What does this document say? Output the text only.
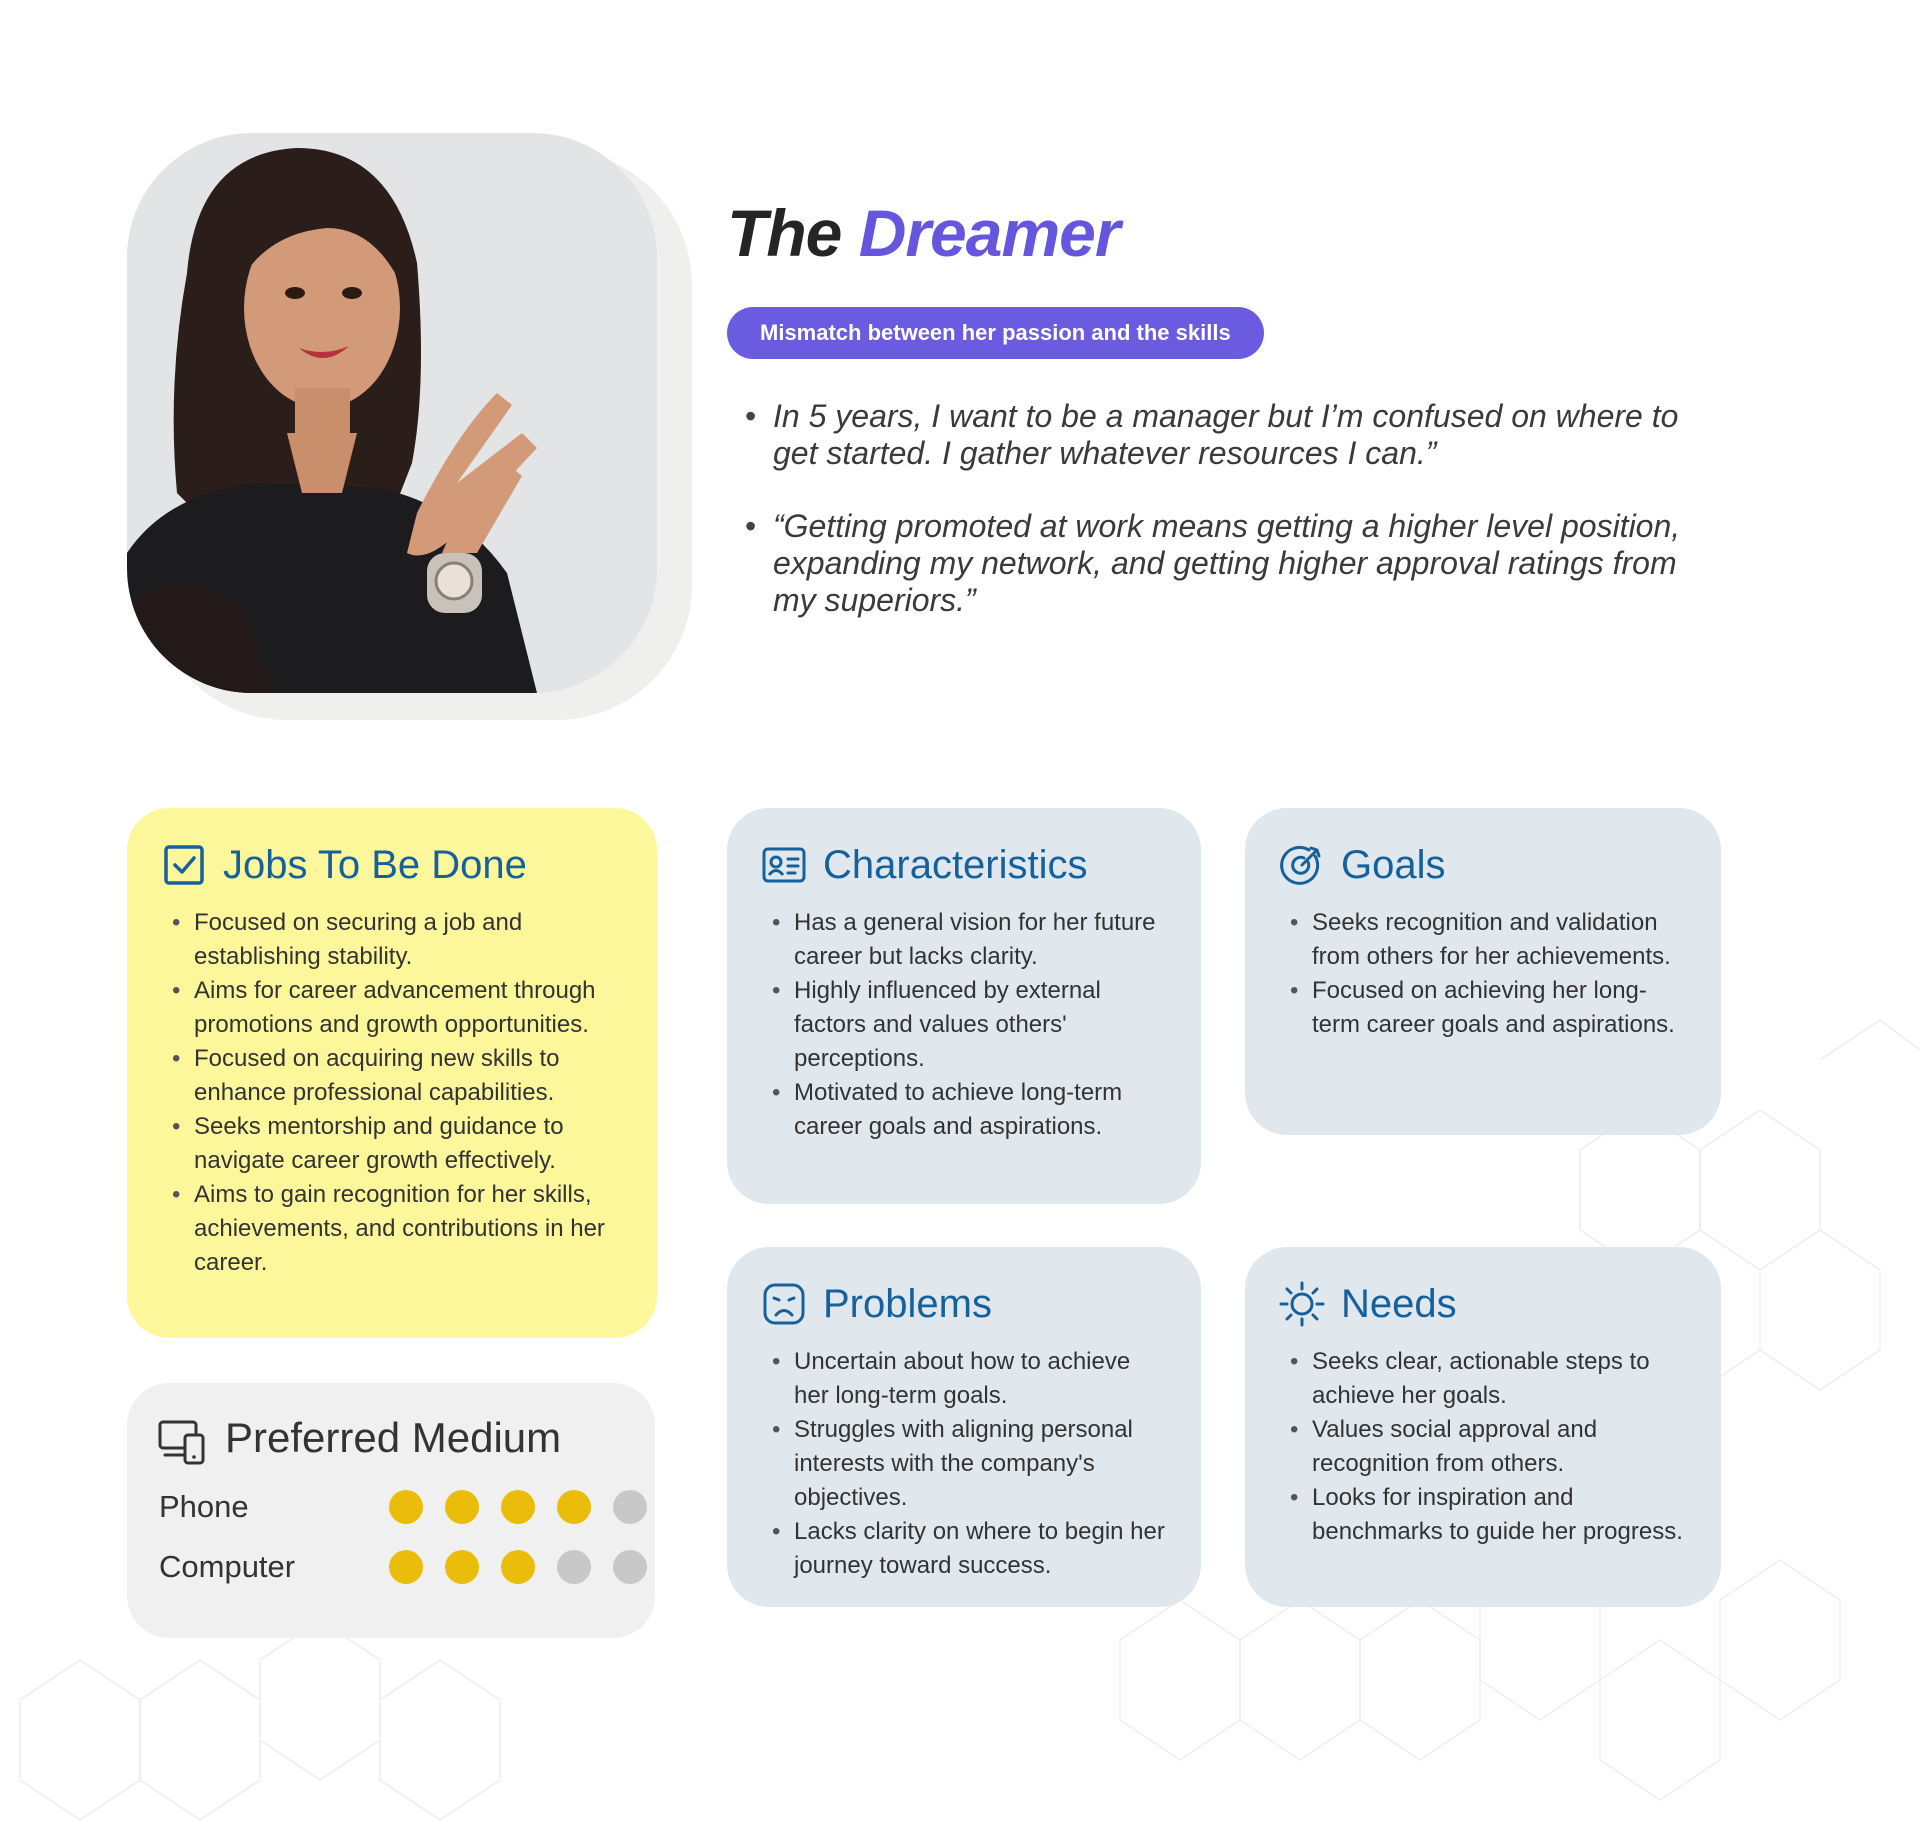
The Dreamer
Mismatch between her passion and the skills
• In 5 years, I want to be a manager but I’m confused on where to get started. I gather whatever resources I can.”
• “Getting promoted at work means getting a higher level position, expanding my network, and getting higher approval ratings from my superiors.”
Jobs To Be Done
• Focused on securing a job and establishing stability.
• Aims for career advancement through promotions and growth opportunities.
• Focused on acquiring new skills to enhance professional capabilities.
• Seeks mentorship and guidance to navigate career growth effectively.
• Aims to gain recognition for her skills, achievements, and contributions in her career.
Characteristics
• Has a general vision for her future career but lacks clarity.
• Highly influenced by external factors and values others' perceptions.
• Motivated to achieve long-term career goals and aspirations.
Goals
• Seeks recognition and validation from others for her achievements.
• Focused on achieving her long-term career goals and aspirations.
Problems
• Uncertain about how to achieve her long-term goals.
• Struggles with aligning personal interests with the company's objectives.
• Lacks clarity on where to begin her journey toward success.
Needs
• Seeks clear, actionable steps to achieve her goals.
• Values social approval and recognition from others.
• Looks for inspiration and benchmarks to guide her progress.
Preferred Medium
Phone
Computer
